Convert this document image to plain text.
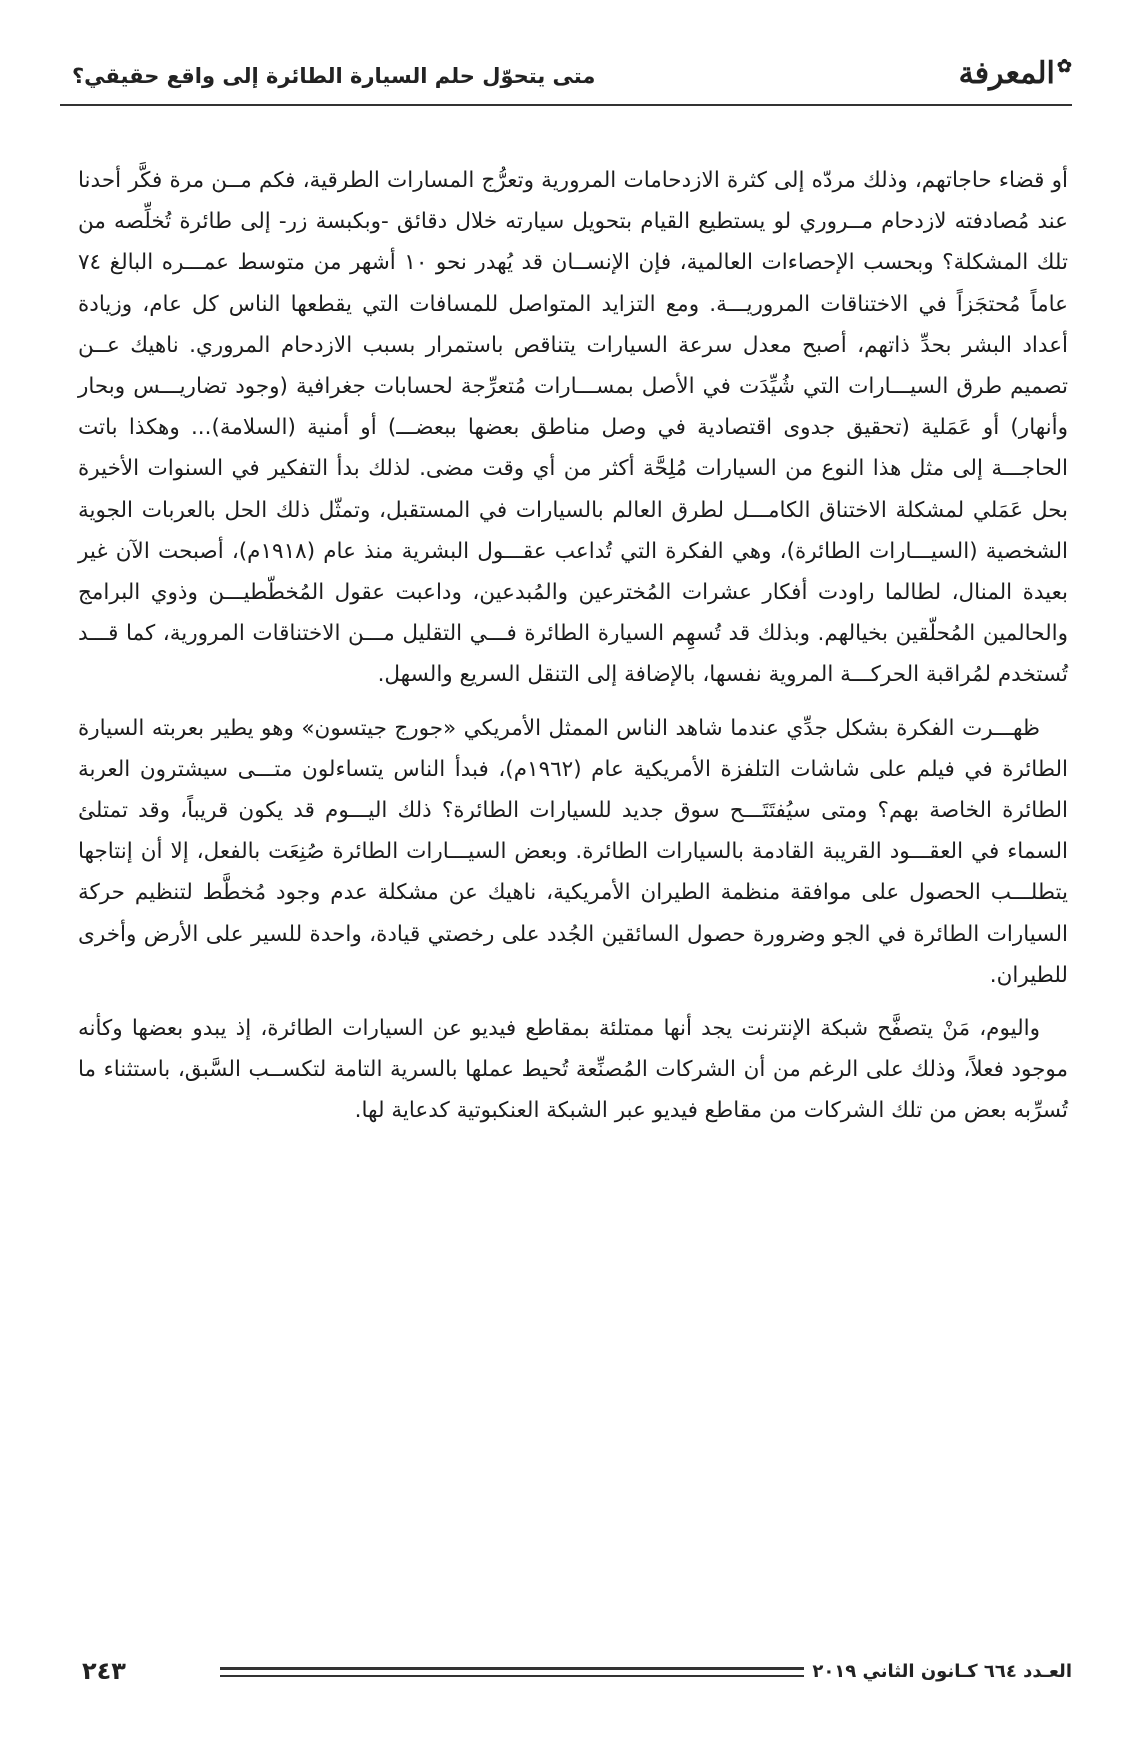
✿المعرفة
متى يتحوّل حلم السيارة الطائرة إلى واقع حقيقي؟

أو قضاء حاجاتهم، وذلك مردّه إلى كثرة الازدحامات المرورية وتعرُّج المسارات الطرقية، فكم مــن مرة فكَّر أحدنا عند مُصادفته لازدحام مــروري لو يستطيع القيام بتحويل سيارته خلال دقائق -وبكبسة زر- إلى طائرة تُخلِّصه من تلك المشكلة؟ وبحسب الإحصاءات العالمية، فإن الإنســان قد يُهدر نحو ١٠ أشهر من متوسط عمـــره البالغ ٧٤ عاماً مُحتجَزاً في الاختناقات المروريـــة. ومع التزايد المتواصل للمسافات التي يقطعها الناس كل عام، وزيادة أعداد البشر بحدِّ ذاتهم، أصبح معدل سرعة السيارات يتناقص باستمرار بسبب الازدحام المروري. ناهيك عــن تصميم طرق السيـــارات التي شُيِّدَت في الأصل بمســـارات مُتعرِّجة لحسابات جغرافية (وجود تضاريـــس وبحار وأنهار) أو عَمَلية (تحقيق جدوى اقتصادية في وصل مناطق بعضها ببعضـــ) أو أمنية (السلامة)... وهكذا باتت الحاجـــة إلى مثل هذا النوع من السيارات مُلِحَّة أكثر من أي وقت مضى. لذلك بدأ التفكير في السنوات الأخيرة بحل عَمَلي لمشكلة الاختناق الكامـــل لطرق العالم بالسيارات في المستقبل، وتمثّل ذلك الحل بالعربات الجوية الشخصية (السيـــارات الطائرة)، وهي الفكرة التي تُداعب عقـــول البشرية منذ عام (١٩١٨م)، أصبحت الآن غير بعيدة المنال، لطالما راودت أفكار عشرات المُخترعين والمُبدعين، وداعبت عقول المُخطّطيـــن وذوي البرامج والحالمين المُحلّقين بخيالهم. وبذلك قد تُسهِم السيارة الطائرة فـــي التقليل مـــن الاختناقات المرورية، كما قـــد تُستخدم لمُراقبة الحركـــة المروية نفسها، بالإضافة إلى التنقل السريع والسهل.

ظهـــرت الفكرة بشكل جدِّي عندما شاهد الناس الممثل الأمريكي «جورج جيتسون» وهو يطير بعربته السيارة الطائرة في فيلم على شاشات التلفزة الأمريكية عام (١٩٦٢م)، فبدأ الناس يتساءلون متـــى سيشترون العربة الطائرة الخاصة بهم؟ ومتى سيُفتَتَـــح سوق جديد للسيارات الطائرة؟ ذلك اليـــوم قد يكون قريباً، وقد تمتلئ السماء في العقـــود القريبة القادمة بالسيارات الطائرة. وبعض السيـــارات الطائرة صُنِعَت بالفعل، إلا أن إنتاجها يتطلـــب الحصول على موافقة منظمة الطيران الأمريكية، ناهيك عن مشكلة عدم وجود مُخطَّط لتنظيم حركة السيارات الطائرة في الجو وضرورة حصول السائقين الجُدد على رخصتي قيادة، واحدة للسير على الأرض وأخرى للطيران.

واليوم، مَنْ يتصفَّح شبكة الإنترنت يجد أنها ممتلئة بمقاطع فيديو عن السيارات الطائرة، إذ يبدو بعضها وكأنه موجود فعلاً، وذلك على الرغم من أن الشركات المُصنِّعة تُحيط عملها بالسرية التامة لتكســب السَّبق، باستثناء ما تُسرِّبه بعض من تلك الشركات من مقاطع فيديو عبر الشبكة العنكبوتية كدعاية لها.

العـدد ٦٦٤ كـانون الثاني ٢٠١٩
٢٤٣
